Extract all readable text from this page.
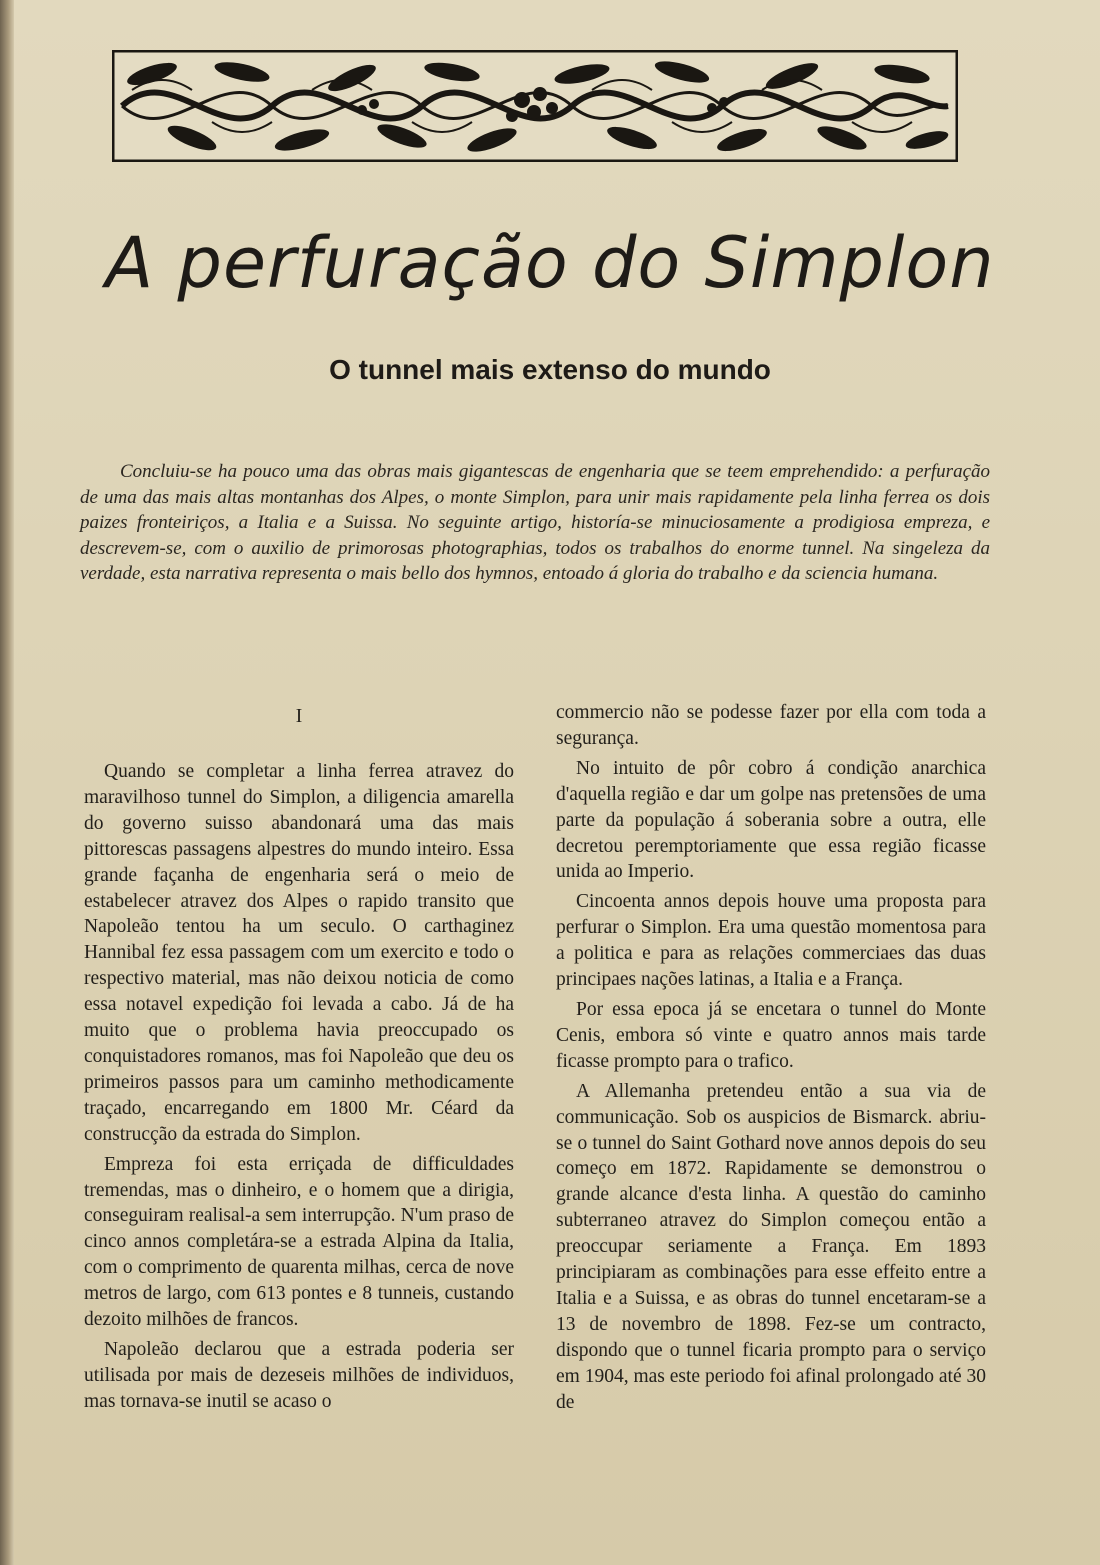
A perfuração do Simplon
O tunnel mais extenso do mundo

Concluiu-se ha pouco uma das obras mais gigantescas de engenharia que se teem emprehendido: a perfuração de uma das mais altas montanhas dos Alpes, o monte Simplon, para unir mais rapidamente pela linha ferrea os dois paizes fronteiriços, a Italia e a Suissa. No seguinte artigo, historía-se minuciosamente a prodigiosa empreza, e descrevem-se, com o auxilio de primorosas photographias, todos os trabalhos do enorme tunnel. Na singeleza da verdade, esta narrativa representa o mais bello dos hymnos, entoado á gloria do trabalho e da sciencia humana.

I

Quando se completar a linha ferrea atravez do maravilhoso tunnel do Simplon, a diligencia amarella do governo suisso abandonará uma das mais pittorescas passagens alpestres do mundo inteiro. Essa grande façanha de engenharia será o meio de estabelecer atravez dos Alpes o rapido transito que Napoleão tentou ha um seculo. O carthaginez Hannibal fez essa passagem com um exercito e todo o respectivo material, mas não deixou noticia de como essa notavel expedição foi levada a cabo. Já de ha muito que o problema havia preoccupado os conquistadores romanos, mas foi Napoleão que deu os primeiros passos para um caminho methodicamente traçado, encarregando em 1800 Mr. Céard da construcção da estrada do Simplon.

Empreza foi esta erriçada de difficuldades tremendas, mas o dinheiro, e o homem que a dirigia, conseguiram realisal-a sem interrupção. N'um praso de cinco annos completára-se a estrada Alpina da Italia, com o comprimento de quarenta milhas, cerca de nove metros de largo, com 613 pontes e 8 tunneis, custando dezoito milhões de francos.

Napoleão declarou que a estrada poderia ser utilisada por mais de dezeseis milhões de individuos, mas tornava-se inutil se acaso o

commercio não se podesse fazer por ella com toda a segurança.

No intuito de pôr cobro á condição anarchica d'aquella região e dar um golpe nas pretensões de uma parte da população á soberania sobre a outra, elle decretou peremptoriamente que essa região ficasse unida ao Imperio.

Cincoenta annos depois houve uma proposta para perfurar o Simplon. Era uma questão momentosa para a politica e para as relações commerciaes das duas principaes nações latinas, a Italia e a França.

Por essa epoca já se encetara o tunnel do Monte Cenis, embora só vinte e quatro annos mais tarde ficasse prompto para o trafico.

A Allemanha pretendeu então a sua via de communicação. Sob os auspicios de Bismarck. abriu-se o tunnel do Saint Gothard nove annos depois do seu começo em 1872. Rapidamente se demonstrou o grande alcance d'esta linha. A questão do caminho subterraneo atravez do Simplon começou então a preoccupar seriamente a França. Em 1893 principiaram as combinações para esse effeito entre a Italia e a Suissa, e as obras do tunnel encetaram-se a 13 de novembro de 1898. Fez-se um contracto, dispondo que o tunnel ficaria prompto para o serviço em 1904, mas este periodo foi afinal prolongado até 30 de
